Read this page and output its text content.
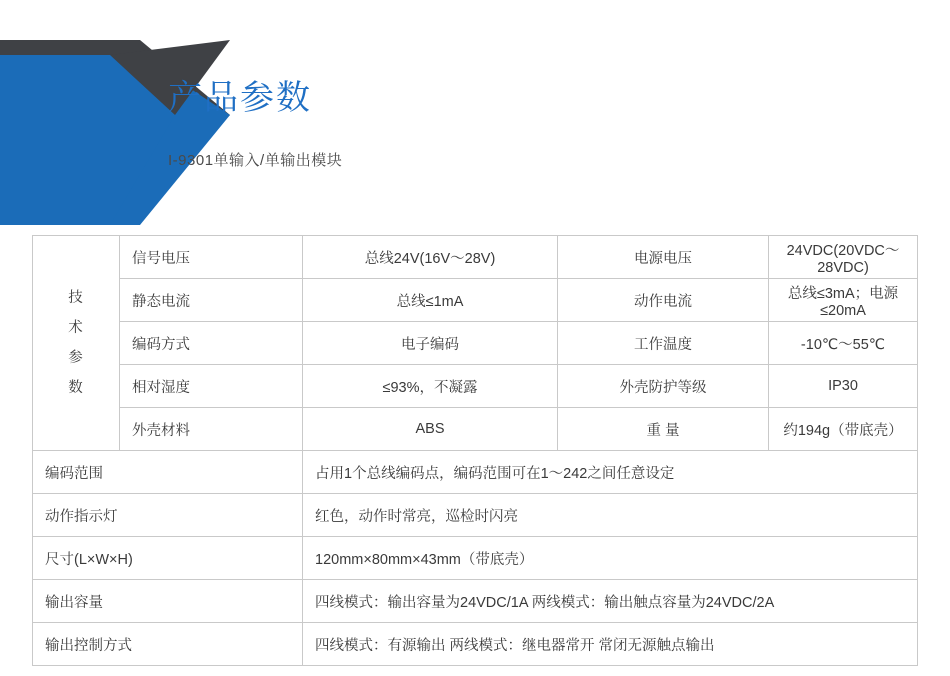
产品参数
I-9301单输入/单输出模块
技
术
参
数	信号电压	总线24V(16V～28V)	电源电压	24VDC(20VDC～28VDC)
	静态电流	总线≤1mA	动作电流	总线≤3mA；电源≤20mA
	编码方式	电子编码	工作温度	-10℃～55℃
	相对湿度	≤93%，不凝露	外壳防护等级	IP30
	外壳材料	ABS	重 量	约194g（带底壳）
编码范围		占用1个总线编码点，编码范围可在1～242之间任意设定		
动作指示灯		红色，动作时常亮，巡检时闪亮		
尺寸(L×W×H)		120mm×80mm×43mm（带底壳）		
输出容量		四线模式：输出容量为24VDC/1A 两线模式：输出触点容量为24VDC/2A		
输出控制方式		四线模式：有源输出 两线模式：继电器常开 常闭无源触点输出		
